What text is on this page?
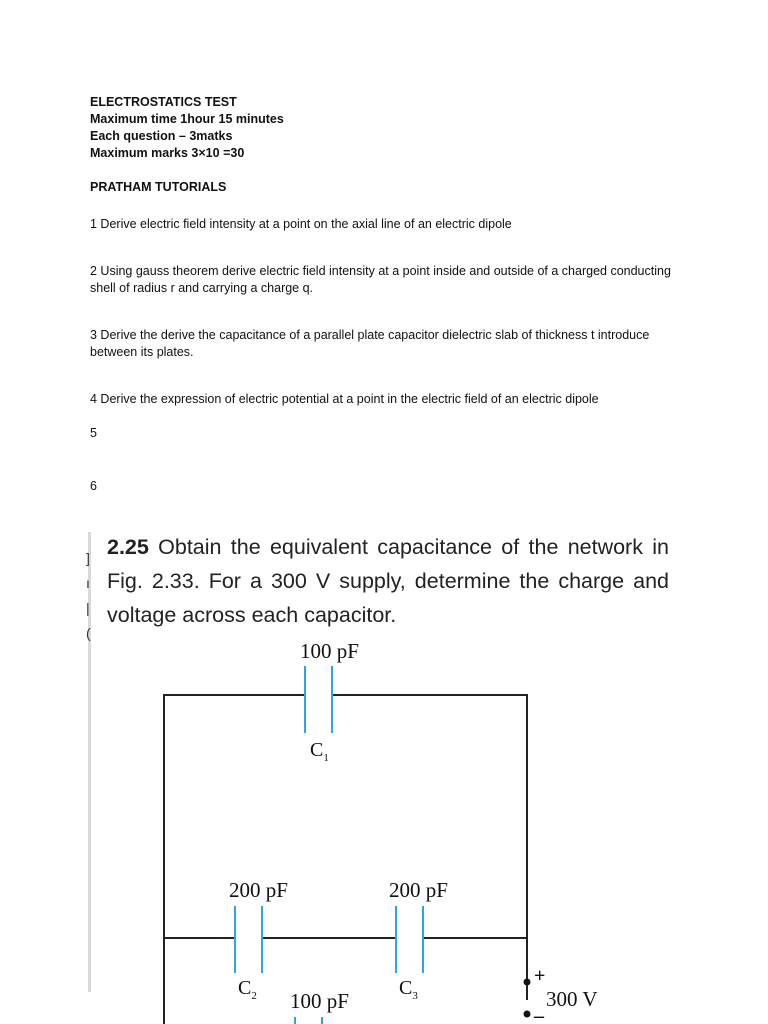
ELECTROSTATICS TEST
Maximum time 1hour 15 minutes
Each question – 3matks
Maximum marks 3×10 =30
PRATHAM TUTORIALS
1 Derive electric field intensity at a point on the axial line of an electric dipole
2 Using gauss theorem derive electric field intensity at a point inside and outside of a charged conducting shell of radius r and carrying a charge q.
3 Derive the derive the capacitance of a parallel plate capacitor dielectric slab of thickness t introduce between its plates.
4 Derive the expression of electric potential at a point in the electric field of an electric dipole
5
6
]
ı
|
(
2.25 Obtain the equivalent capacitance of the network in Fig. 2.33. For a 300 V supply, determine the charge and voltage across each capacitor.
100 pF
$C_1$
200 pF
$C_2$
200 pF
$C_3$
100 pF
+
300 V
–
